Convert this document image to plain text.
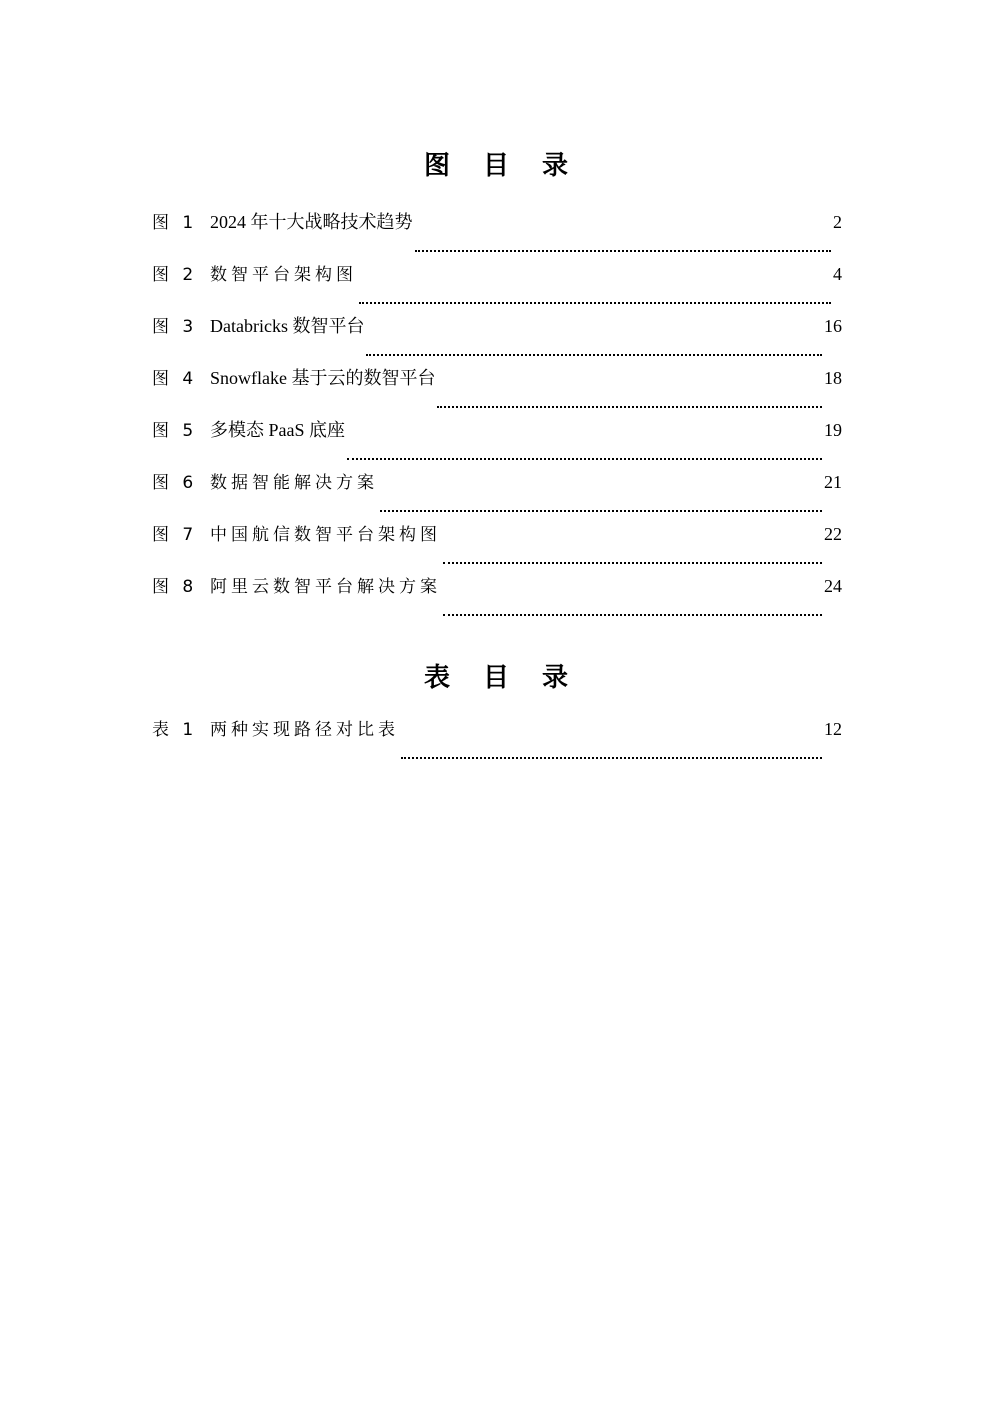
图 目 录
图 1 2024 年十大战略技术趋势	2
图 2 数智平台架构图	4
图 3 Databricks 数智平台	16
图 4 Snowflake 基于云的数智平台	18
图 5 多模态 PaaS 底座	19
图 6 数据智能解决方案	21
图 7 中国航信数智平台架构图	22
图 8 阿里云数智平台解决方案	24
表 目 录
表 1 两种实现路径对比表	12
